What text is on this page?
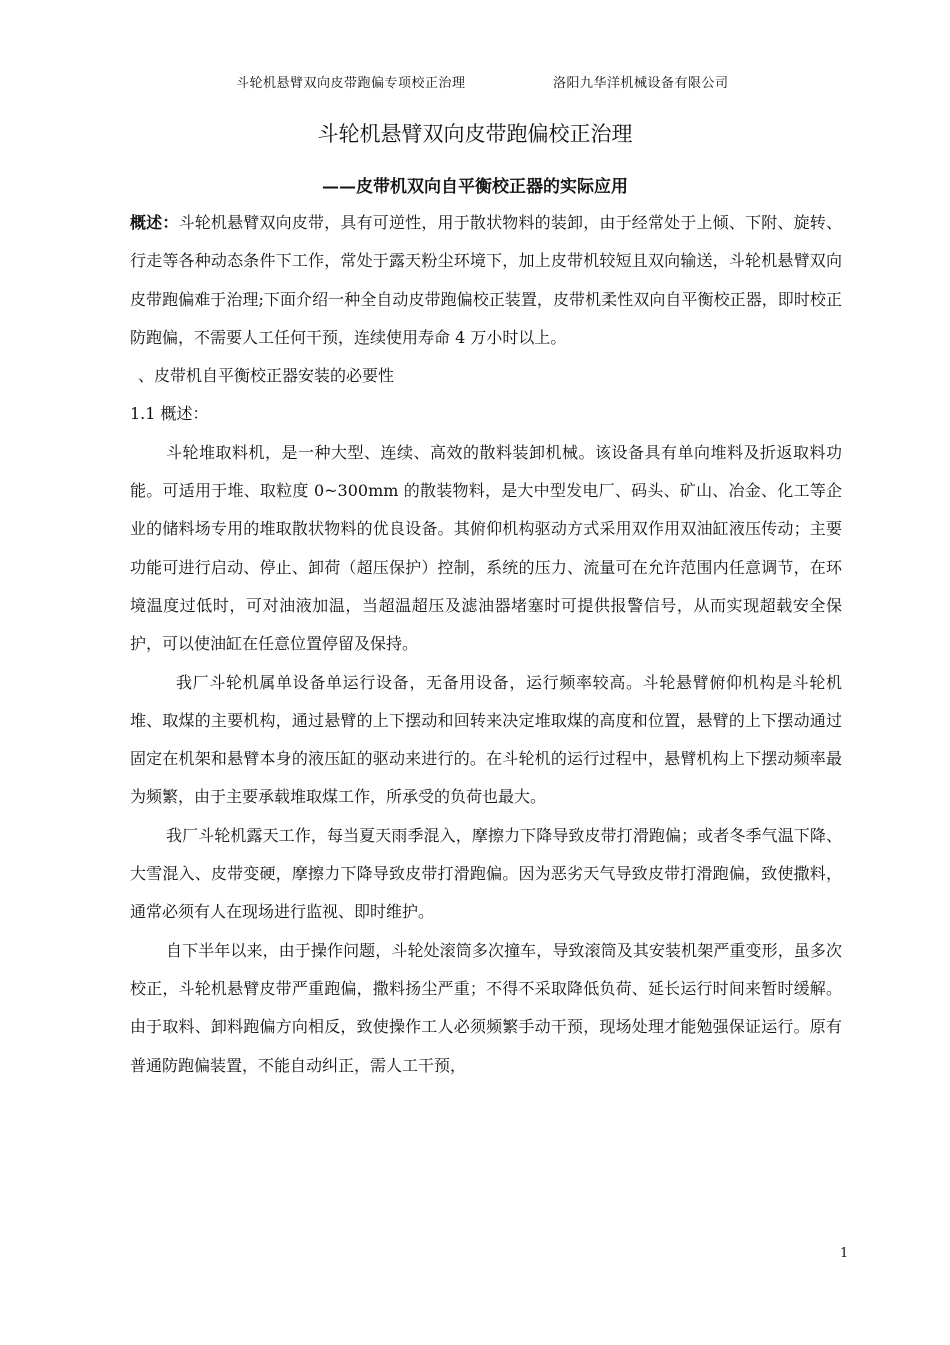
斗轮机悬臂双向皮带跑偏专项校正治理	洛阳九华洋机械设备有限公司
斗轮机悬臂双向皮带跑偏校正治理
——皮带机双向自平衡校正器的实际应用

概述：斗轮机悬臂双向皮带，具有可逆性，用于散状物料的装卸，由于经常处于上倾、下附、旋转、行走等各种动态条件下工作，常处于露天粉尘环境下，加上皮带机较短且双向输送，斗轮机悬臂双向皮带跑偏难于治理;下面介绍一种全自动皮带跑偏校正装置，皮带机柔性双向自平衡校正器，即时校正防跑偏，不需要人工任何干预，连续使用寿命 4 万小时以上。

、皮带机自平衡校正器安装的必要性

1.1 概述：

斗轮堆取料机，是一种大型、连续、高效的散料装卸机械。该设备具有单向堆料及折返取料功能。可适用于堆、取粒度 0~300mm 的散装物料，是大中型发电厂、码头、矿山、冶金、化工等企业的储料场专用的堆取散状物料的优良设备。其俯仰机构驱动方式采用双作用双油缸液压传动；主要功能可进行启动、停止、卸荷（超压保护）控制，系统的压力、流量可在允许范围内任意调节，在环境温度过低时，可对油液加温，当超温超压及滤油器堵塞时可提供报警信号，从而实现超载安全保护，可以使油缸在任意位置停留及保持。

我厂斗轮机属单设备单运行设备，无备用设备，运行频率较高。斗轮悬臂俯仰机构是斗轮机堆、取煤的主要机构，通过悬臂的上下摆动和回转来决定堆取煤的高度和位置，悬臂的上下摆动通过固定在机架和悬臂本身的液压缸的驱动来进行的。在斗轮机的运行过程中，悬臂机构上下摆动频率最为频繁，由于主要承载堆取煤工作，所承受的负荷也最大。

我厂斗轮机露天工作，每当夏天雨季混入，摩擦力下降导致皮带打滑跑偏；或者冬季气温下降、大雪混入、皮带变硬，摩擦力下降导致皮带打滑跑偏。因为恶劣天气导致皮带打滑跑偏，致使撒料，通常必须有人在现场进行监视、即时维护。

自下半年以来，由于操作问题，斗轮处滚筒多次撞车，导致滚筒及其安装机架严重变形，虽多次校正，斗轮机悬臂皮带严重跑偏，撒料扬尘严重；不得不采取降低负荷、延长运行时间来暂时缓解。由于取料、卸料跑偏方向相反，致使操作工人必须频繁手动干预，现场处理才能勉强保证运行。原有普通防跑偏装置，不能自动纠正，需人工干预，

1
